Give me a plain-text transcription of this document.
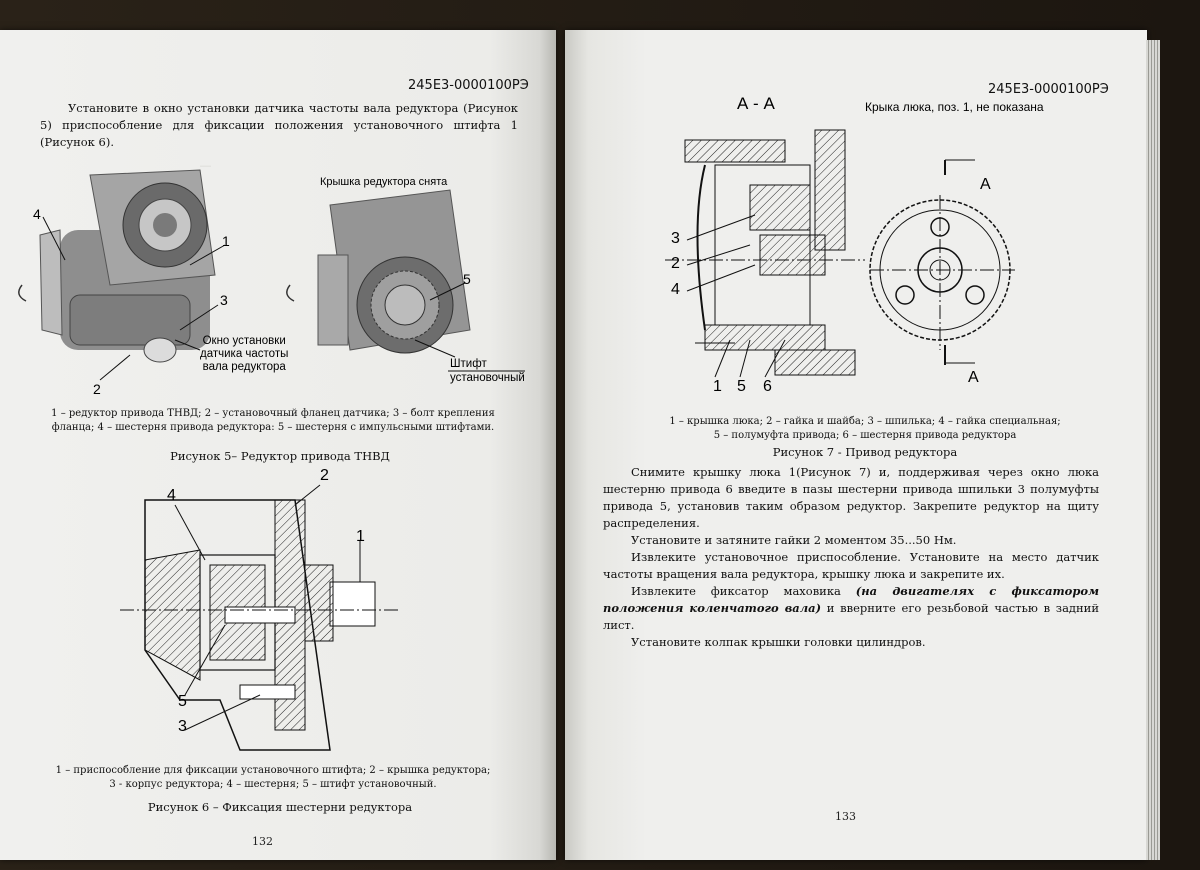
—
245Е3-0000100РЭ

Установите в окно установки датчика частоты вала редуктора (Рисунок 5) приспособление для фиксации положения установочного штифта 1 (Рисунок 6).

Крышка редуктора снята
4
1
3
2
5
Окно установки
датчика частоты
вала редуктора	Штифт
установочный
1 – редуктор привода ТНВД; 2 – установочный фланец датчика; 3 – болт крепления
фланца; 4 – шестерня привода редуктора: 5 – шестерня с импульсными штифтами.
Рисунок 5– Редуктор привода ТНВД
4
2
1
5
3
1 – приспособление для фиксации установочного штифта; 2 – крышка редуктора;
3 - корпус редуктора; 4 – шестерня; 5 – штифт установочный.
Рисунок 6 – Фиксация шестерни редуктора
132
245Е3-0000100РЭ
А - А	Крыка люка, поз. 1, не показана
3
2
4
1 5 6
А
А
1 – крышка люка; 2 – гайка и шайба; 3 – шпилька; 4 – гайка специальная;
5 – полумуфта привода; 6 – шестерня привода редуктора
Рисунок 7 - Привод редуктора

Снимите крышку люка 1(Рисунок 7) и, поддерживая через окно люка шестерню привода 6 введите в пазы шестерни привода шпильки 3 полумуфты привода 5, установив таким образом редуктор. Закрепите редуктор на щиту распределения.

Установите и затяните гайки 2 моментом 35...50 Нм.

Извлеките установочное приспособление. Установите на место датчик частоты вращения вала редуктора, крышку люка и закрепите их.

Извлеките фиксатор маховика (на двигателях с фиксатором положения коленчатого вала) и вверните его резьбовой частью в задний лист.

Установите колпак крышки головки цилиндров.

133
